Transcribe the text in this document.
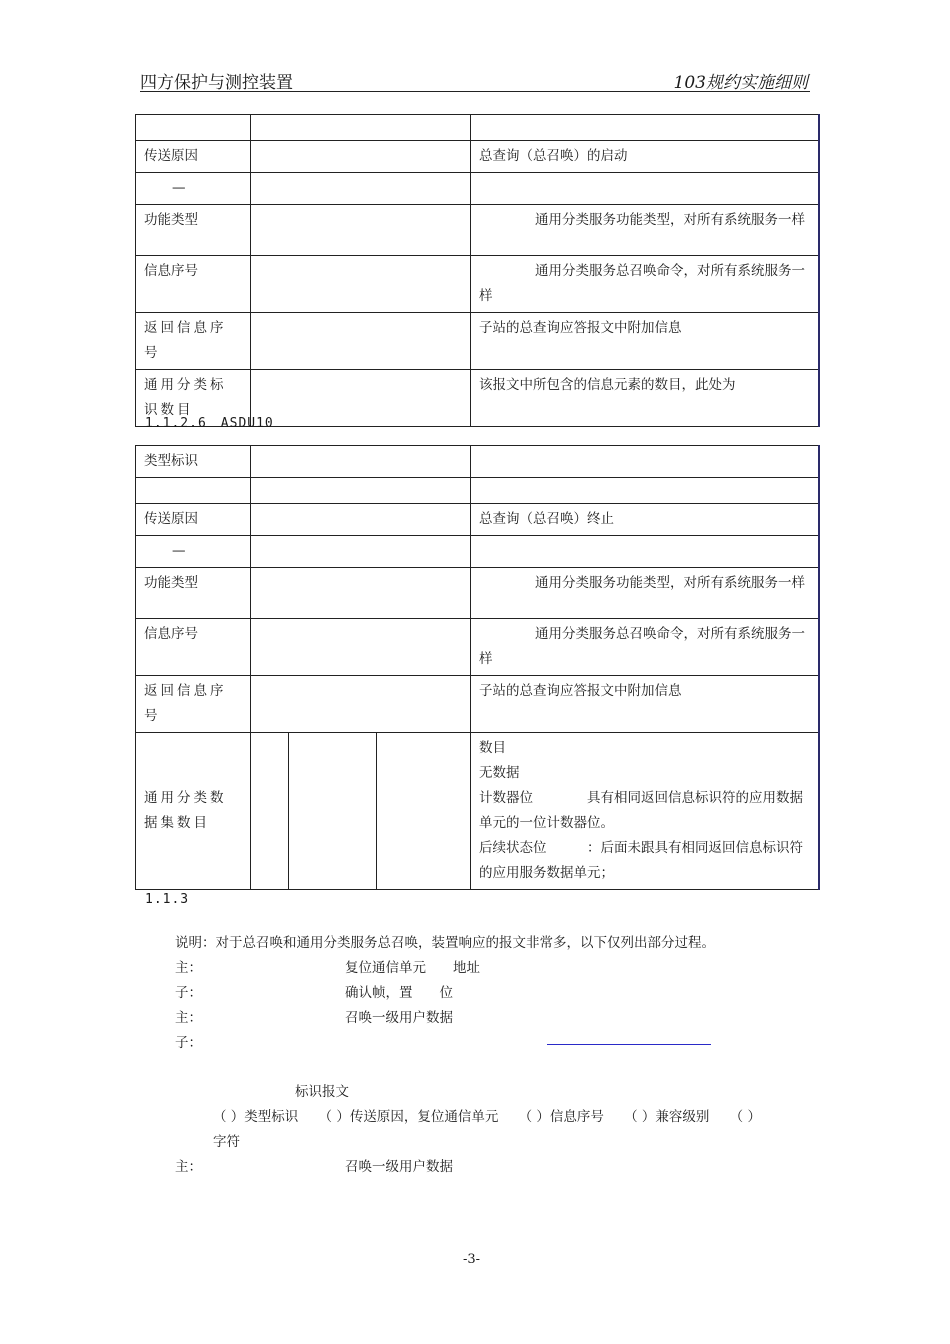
四方保护与测控装置	103规约实施细则

传送原因		总查询（总召唤）的启动
—		
功能类型		通用分类服务功能类型，对所有系统服务一样
信息序号		通用分类服务总召唤命令，对所有系统服务一样
返回信息序号		子站的总查询应答报文中附加信息
通用分类标识数目		该报文中所包含的信息元素的数目，此处为
1.1.2.6　ASDU10
类型标识				

传送原因				总查询（总召唤）终止
—				
功能类型				通用分类服务功能类型，对所有系统服务一样
信息序号				通用分类服务总召唤命令，对所有系统服务一样
返回信息序号				子站的总查询应答报文中附加信息
通用分类数据集数目				数目
无数据
计数器位　　　　具有相同返回信息标识符的应用数据单元的一位计数器位。
后续状态位　　　：后面未跟具有相同返回信息标识符的应用服务数据单元；
1.1.3
说明：对于总召唤和通用分类服务总召唤，装置响应的报文非常多，以下仅列出部分过程。
主：	复位通信单元　　地址
子：	确认帧，置　　位
主：	召唤一级用户数据
子：
标识报文
（ ）类型标识　　（ ）传送原因，复位通信单元　　（ ）信息序号　　（ ）兼容级别　　（ ）
字符
主：	召唤一级用户数据
-3-
